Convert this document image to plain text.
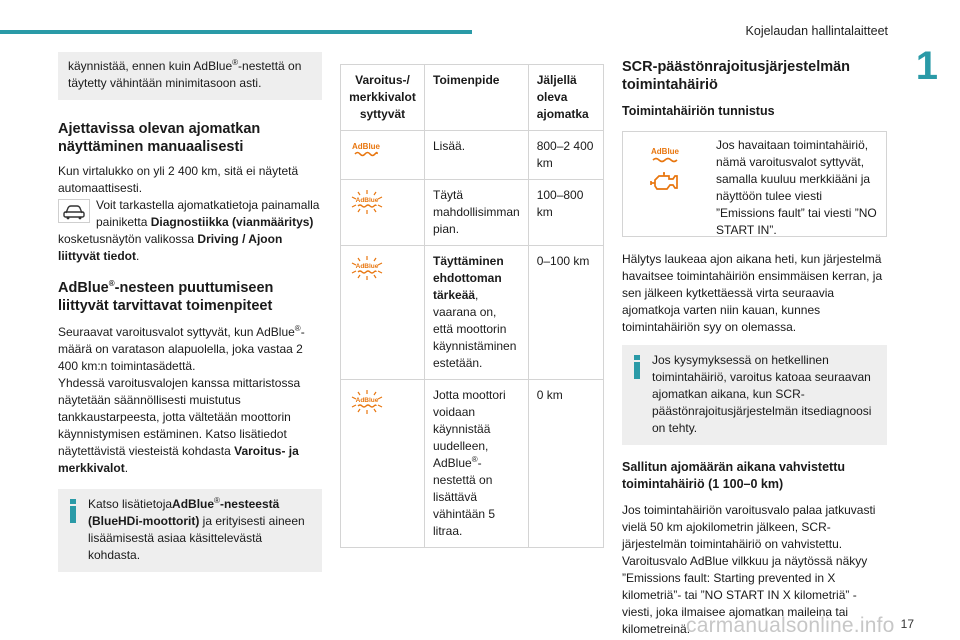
Kojelaudan hallintalaitteet
1
käynnistää, ennen kuin AdBlue®-nestettä on täytetty vähintään minimitasoon asti.
Ajettavissa olevan ajomatkan näyttäminen manuaalisesti

Kun virtalukko on yli 2 400 km, sitä ei näytetä automaattisesti.

Voit tarkastella ajomatkatietoja painamalla painiketta Diagnostiikka (vianmääritys)

kosketusnäytön valikossa Driving / Ajoon liittyvät tiedot.

AdBlue®-nesteen puuttumiseen liittyvät tarvittavat toimenpiteet

Seuraavat varoitusvalot syttyvät, kun AdBlue®-määrä on varatason alapuolella, joka vastaa 2 400 km:n toimintasädettä.

Yhdessä varoitusvalojen kanssa mittaristossa näytetään säännöllisesti muistutus tankkaustarpeesta, jotta vältetään moottorin käynnistymisen estäminen. Katso lisätiedot näytettävistä viesteistä kohdasta Varoitus- ja merkkivalot.

Katso lisätietojaAdBlue®-nesteestä (BlueHDi-moottorit) ja erityisesti aineen lisäämisestä asiaa käsittelevästä kohdasta.
Varoitus-/ merkkivalot syttyvät	Toimenpide	Jäljellä oleva ajomatka

AdBlue	Lisää.	800–2 400 km

AdBlue	Täytä mahdollisimman pian.	100–800 km

AdBlue	Täyttäminen ehdottoman tärkeää, vaarana on, että moottorin käynnistäminen estetään.	0–100 km

AdBlue	Jotta moottori voidaan käynnistää uudelleen, AdBlue®-nestettä on lisättävä vähintään 5 litraa.	0 km
SCR-päästönrajoitusjärjestelmän toimintahäiriö
Toimintahäiriön tunnistus
AdBlue	Jos havaitaan toimintahäiriö, nämä varoitusvalot syttyvät, samalla kuuluu merkkiääni ja näyttöön tulee viesti ”Emissions fault” tai viesti ”NO START IN”.

Hälytys laukeaa ajon aikana heti, kun järjestelmä havaitsee toimintahäiriön ensimmäisen kerran, ja sen jälkeen kytkettäessä virta seuraavia ajomatkoja varten niin kauan, kunnes toimintahäiriön syy on olemassa.

Jos kysymyksessä on hetkellinen toimintahäiriö, varoitus katoaa seuraavan ajomatkan aikana, kun SCR-päästönrajoitusjärjestelmän itsediagnoosi on tehty.
Sallitun ajomäärän aikana vahvistettu toimintahäiriö (1 100–0 km)

Jos toimintahäiriön varoitusvalo palaa jatkuvasti vielä 50 km ajokilometrin jälkeen, SCR-järjestelmän toimintahäiriö on vahvistettu. Varoitusvalo AdBlue vilkkuu ja näytössä näkyy ”Emissions fault: Starting prevented in X kilometriä”- tai ”NO START IN X kilometriä” -viesti, joka ilmaisee ajomatkan maileina tai kilometreinä.

carmanualsonline.info 17
